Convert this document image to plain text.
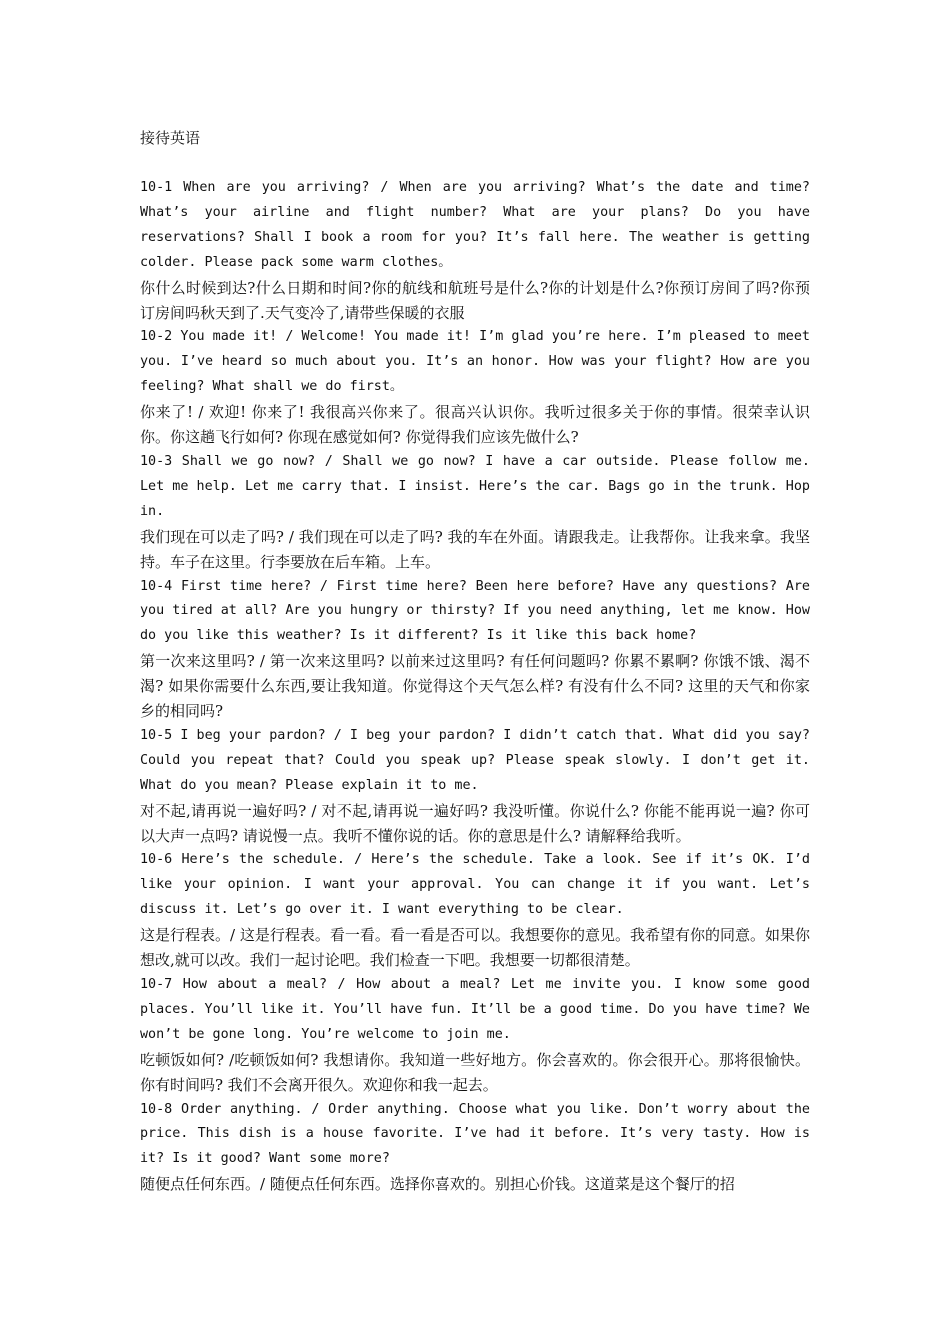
接待英语

10-1 When are you arriving? / When are you arriving? What’s the date and time? What’s your airline and flight number? What are your plans? Do you have reservations? Shall I book a room for you? It’s fall here. The weather is getting colder. Please pack some warm clothes。

你什么时候到达?什么日期和时间?你的航线和航班号是什么?你的计划是什么?你预订房间了吗?你预订房间吗秋天到了.天气变冷了,请带些保暖的衣服

10-2 You made it! / Welcome! You made it! I’m glad you’re here. I’m pleased to meet you. I’ve heard so much about you. It’s an honor. How was your flight? How are you feeling? What shall we do first。

你来了! / 欢迎! 你来了! 我很高兴你来了。很高兴认识你。我听过很多关于你的事情。很荣幸认识你。你这趟飞行如何? 你现在感觉如何? 你觉得我们应该先做什么?

10-3 Shall we go now? / Shall we go now? I have a car outside. Please follow me. Let me help. Let me carry that. I insist. Here’s the car. Bags go in the trunk. Hop in.

我们现在可以走了吗? / 我们现在可以走了吗? 我的车在外面。请跟我走。让我帮你。让我来拿。我坚持。车子在这里。行李要放在后车箱。上车。

10-4 First time here? / First time here? Been here before? Have any questions? Are you tired at all? Are you hungry or thirsty? If you need anything, let me know. How do you like this weather? Is it different? Is it like this back home?

第一次来这里吗? / 第一次来这里吗? 以前来过这里吗? 有任何问题吗? 你累不累啊? 你饿不饿、渴不渴? 如果你需要什么东西,要让我知道。你觉得这个天气怎么样? 有没有什么不同? 这里的天气和你家乡的相同吗?

10-5 I beg your pardon? / I beg your pardon? I didn’t catch that. What did you say? Could you repeat that? Could you speak up? Please speak slowly. I don’t get it. What do you mean? Please explain it to me.

对不起,请再说一遍好吗? / 对不起,请再说一遍好吗? 我没听懂。你说什么? 你能不能再说一遍? 你可以大声一点吗? 请说慢一点。我听不懂你说的话。你的意思是什么? 请解释给我听。

10-6 Here’s the schedule. / Here’s the schedule. Take a look. See if it’s OK. I’d like your opinion. I want your approval. You can change it if you want. Let’s discuss it. Let’s go over it. I want everything to be clear.

这是行程表。/ 这是行程表。看一看。看一看是否可以。我想要你的意见。我希望有你的同意。如果你想改,就可以改。我们一起讨论吧。我们检查一下吧。我想要一切都很清楚。

10-7 How about a meal? / How about a meal? Let me invite you. I know some good places. You’ll like it. You’ll have fun. It’ll be a good time. Do you have time? We won’t be gone long. You’re welcome to join me.

吃顿饭如何? /吃顿饭如何? 我想请你。我知道一些好地方。你会喜欢的。你会很开心。那将很愉快。你有时间吗? 我们不会离开很久。欢迎你和我一起去。

10-8 Order anything. / Order anything. Choose what you like. Don’t worry about the price. This dish is a house favorite. I’ve had it before. It’s very tasty. How is it? Is it good? Want some more?

随便点任何东西。/ 随便点任何东西。选择你喜欢的。别担心价钱。这道菜是这个餐厅的招
